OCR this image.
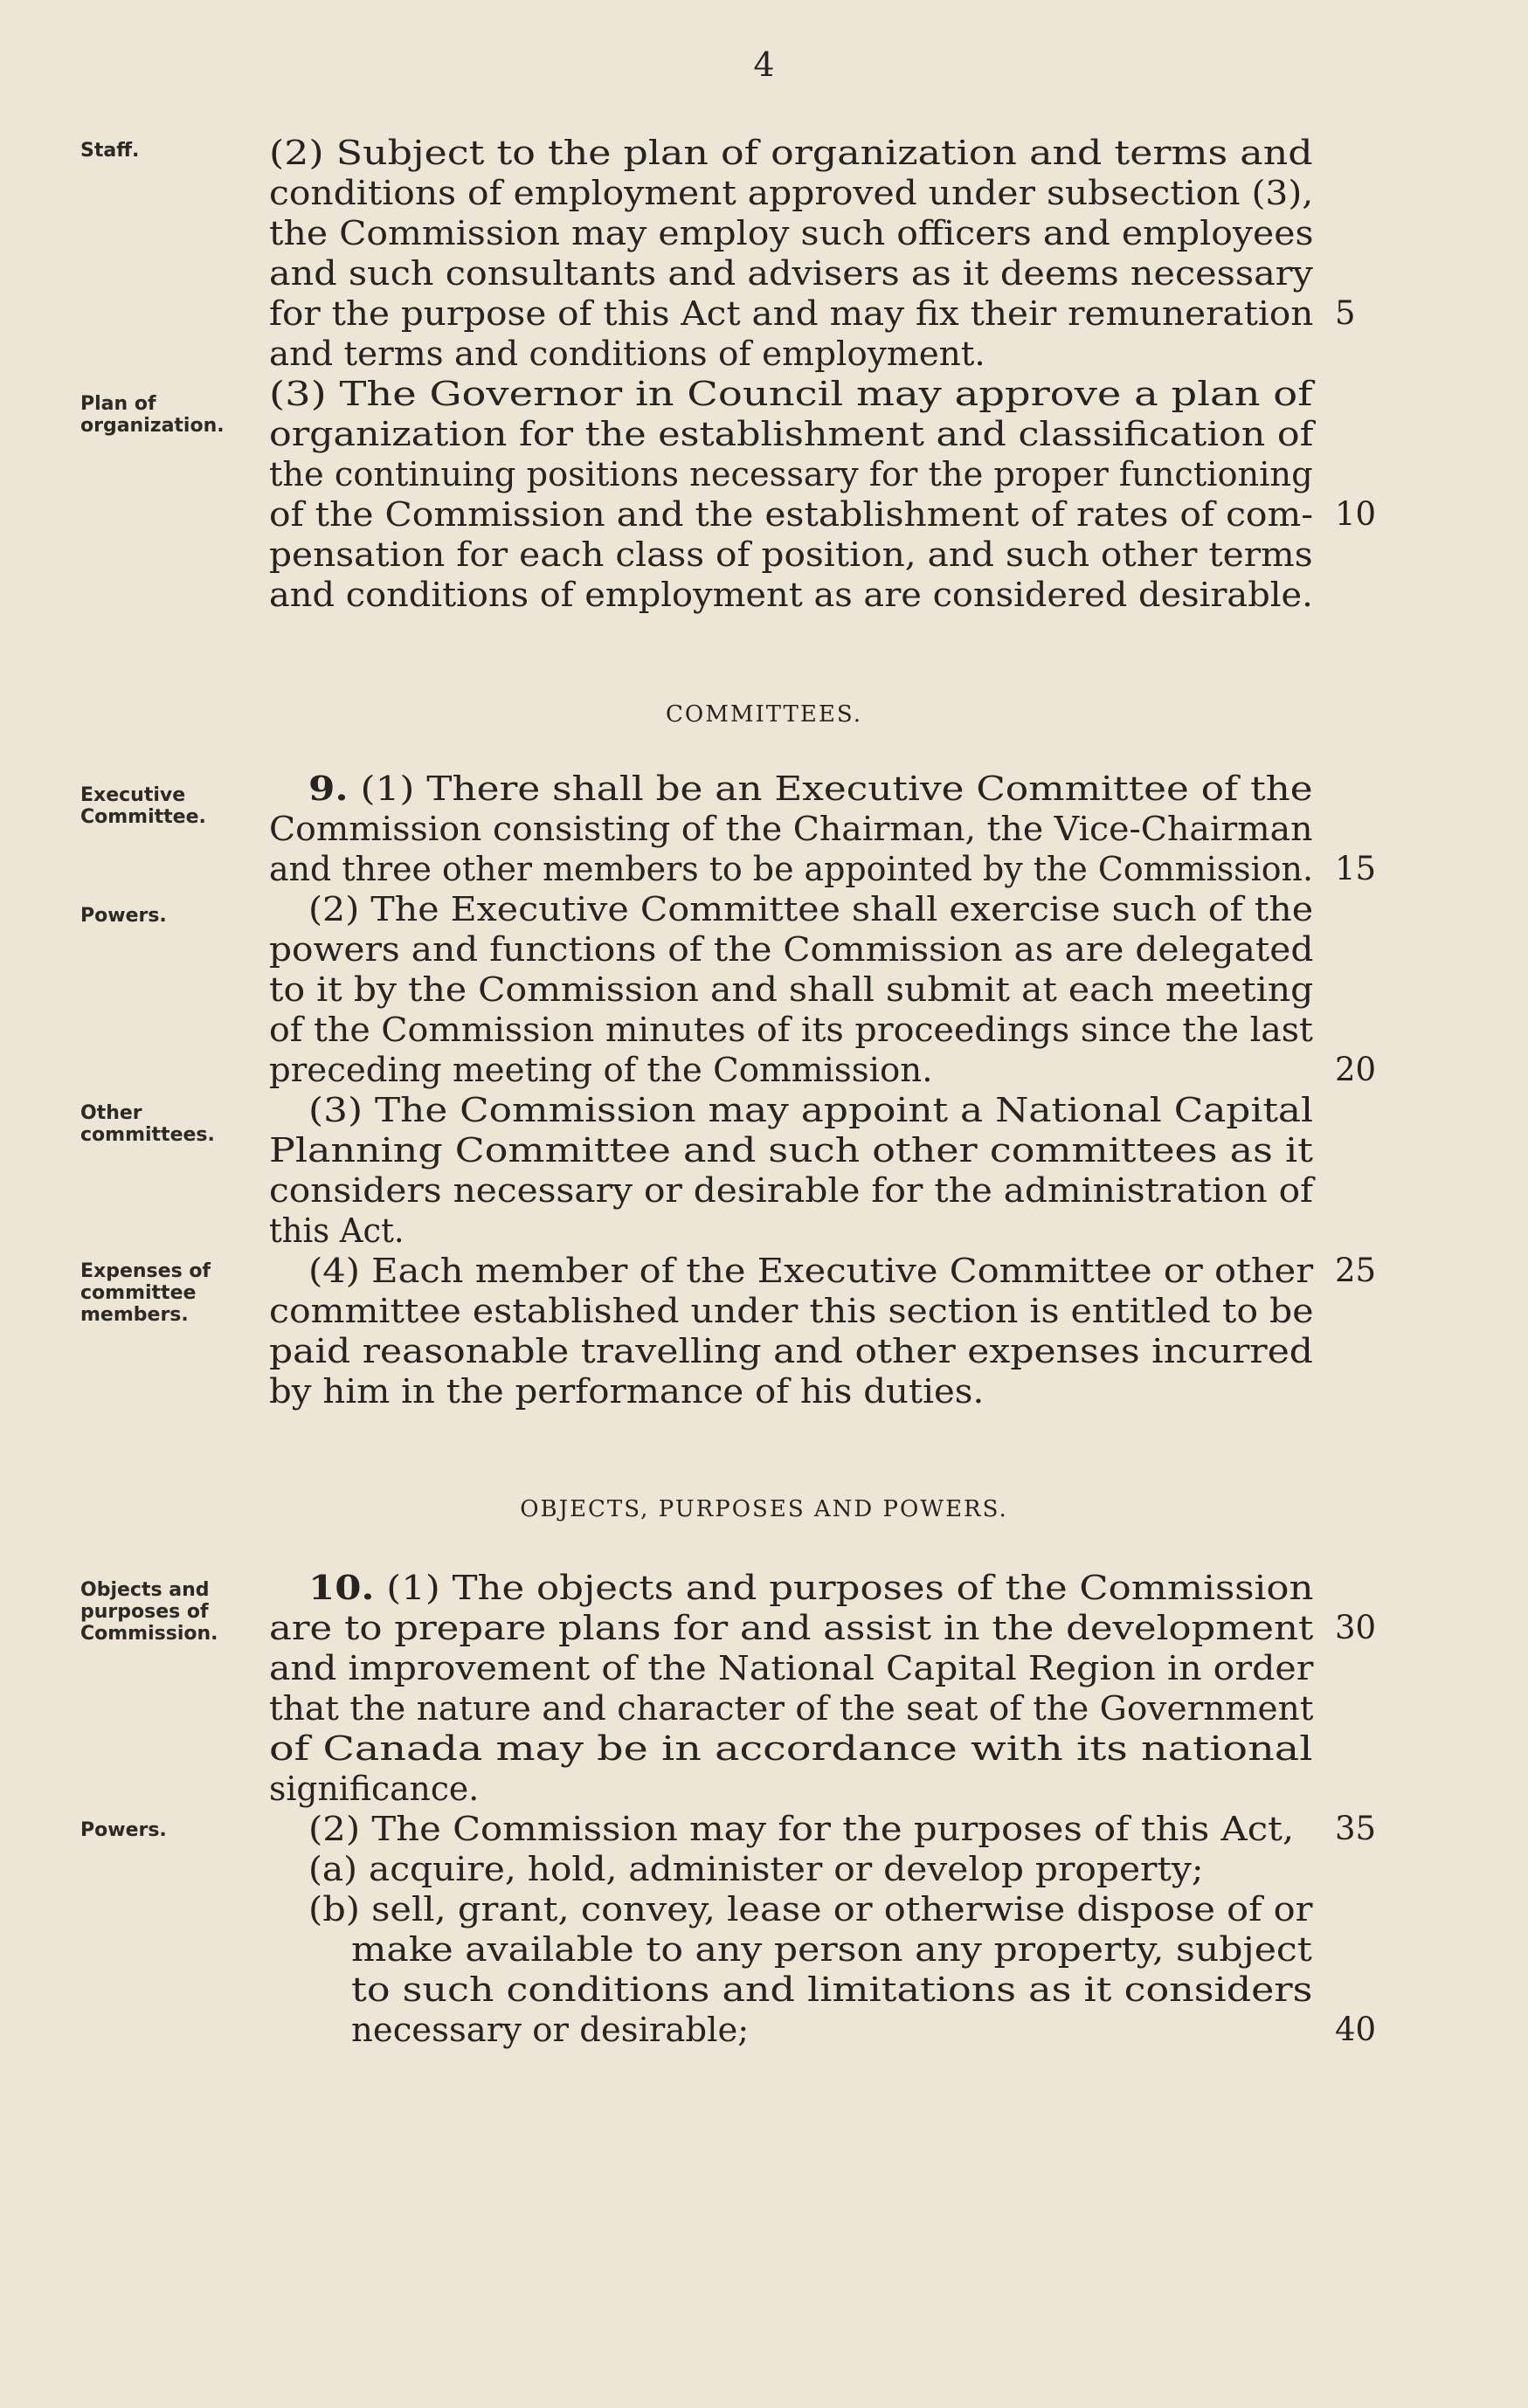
4
Staff.
Plan of
organization.
Executive
Committee.
Powers.
Other
committees.
Expenses of
committee
members.
Objects and
purposes of
Commission.
Powers.
COMMITTEES.
OBJECTS, PURPOSES AND POWERS.
(2) Subject to the plan of organization and terms and
conditions of employment approved under subsection (3),
the Commission may employ such officers and employees
and such consultants and advisers as it deems necessary
for the purpose of this Act and may fix their remuneration
and terms and conditions of employment.
(3) The Governor in Council may approve a plan of
organization for the establishment and classification of
the continuing positions necessary for the proper functioning
of the Commission and the establishment of rates of com-
pensation for each class of position, and such other terms
and conditions of employment as are considered desirable.
9. (1) There shall be an Executive Committee of the
Commission consisting of the Chairman, the Vice-Chairman
and three other members to be appointed by the Commission.
(2) The Executive Committee shall exercise such of the
powers and functions of the Commission as are delegated
to it by the Commission and shall submit at each meeting
of the Commission minutes of its proceedings since the last
preceding meeting of the Commission.
(3) The Commission may appoint a National Capital
Planning Committee and such other committees as it
considers necessary or desirable for the administration of
this Act.
(4) Each member of the Executive Committee or other
committee established under this section is entitled to be
paid reasonable travelling and other expenses incurred
by him in the performance of his duties.
10. (1) The objects and purposes of the Commission
are to prepare plans for and assist in the development
and improvement of the National Capital Region in order
that the nature and character of the seat of the Government
of Canada may be in accordance with its national
significance.
(2) The Commission may for the purposes of this Act,
(a) acquire, hold, administer or develop property;
(b) sell, grant, convey, lease or otherwise dispose of or
make available to any person any property, subject
to such conditions and limitations as it considers
necessary or desirable;
5
10
15
20
25
30
35
40
